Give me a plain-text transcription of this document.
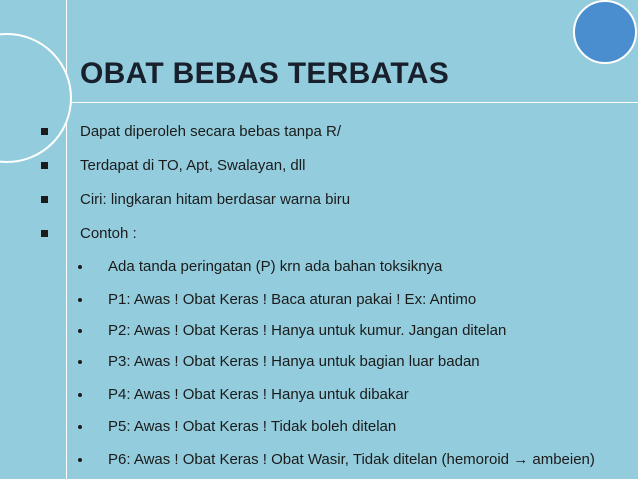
OBAT BEBAS TERBATAS
Dapat diperoleh secara bebas tanpa R/
Terdapat di TO, Apt, Swalayan, dll
Ciri: lingkaran hitam berdasar warna biru
Contoh :
Ada tanda peringatan (P) krn ada bahan toksiknya
P1: Awas ! Obat Keras ! Baca aturan pakai ! Ex: Antimo
P2: Awas ! Obat Keras ! Hanya untuk kumur. Jangan ditelan
P3: Awas ! Obat Keras ! Hanya untuk bagian luar badan
P4: Awas ! Obat Keras ! Hanya untuk dibakar
P5: Awas ! Obat Keras ! Tidak boleh ditelan
P6: Awas ! Obat Keras ! Obat Wasir, Tidak ditelan (hemoroid → ambeien)
